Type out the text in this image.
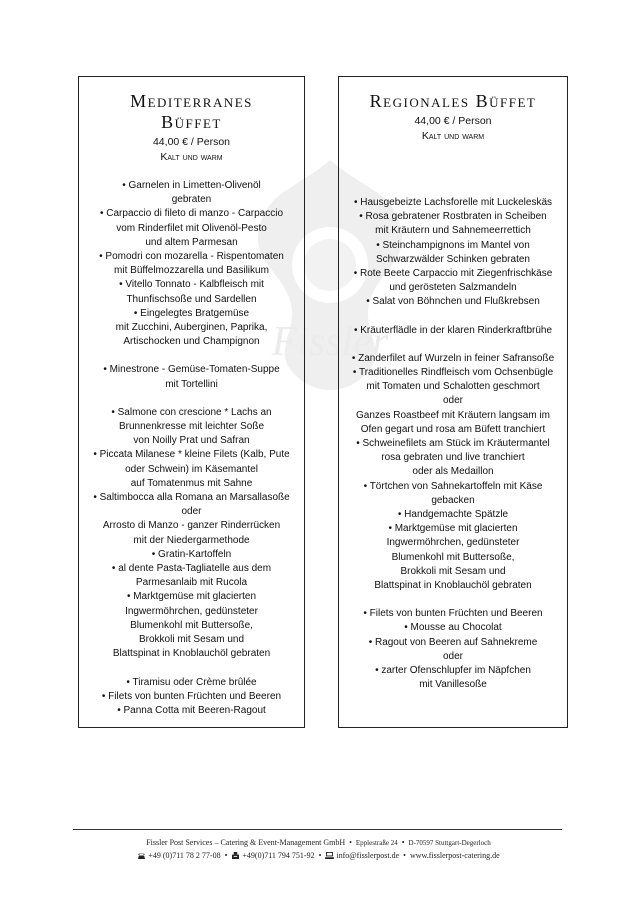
Fissler
Mediterranes
Büffet

44,00 € / Person

Kalt und warm

• Garnelen in Limetten-Olivenöl
gebraten
• Carpaccio di fileto di manzo - Carpaccio
vom Rinderfilet mit Olivenöl-Pesto
und altem Parmesan
• Pomodri con mozarella - Rispentomaten
mit Büffelmozzarella und Basilikum
• Vitello Tonnato - Kalbfleisch mit
Thunfischsoße und Sardellen
• Eingelegtes Bratgemüse
mit Zucchini, Auberginen, Paprika,
Artischocken und Champignon
• Minestrone - Gemüse-Tomaten-Suppe
mit Tortellini
• Salmone con crescione * Lachs an
Brunnenkresse mit leichter Soße
von Noilly Prat und Safran
• Piccata Milanese * kleine Filets (Kalb, Pute
oder Schwein) im Käsemantel
auf Tomatenmus mit Sahne
• Saltimbocca alla Romana an Marsallasoße
oder
Arrosto di Manzo - ganzer Rinderrücken
mit der Niedergarmethode
• Gratin-Kartoffeln
• al dente Pasta-Tagliatelle aus dem
Parmesanlaib mit Rucola
• Marktgemüse mit glacierten
Ingwermöhrchen, gedünsteter
Blumenkohl mit Buttersoße,
Brokkoli mit Sesam und
Blattspinat in Knoblauchöl gebraten
• Tiramisu oder Crème brûlée
• Filets von bunten Früchten und Beeren
• Panna Cotta mit Beeren-Ragout
Regionales Büffet

44,00 € / Person

Kalt und warm

• Hausgebeizte Lachsforelle mit Luckeleskäs
• Rosa gebratener Rostbraten in Scheiben
mit Kräutern und Sahnemeerrettich
• Steinchampignons im Mantel von
Schwarzwälder Schinken gebraten
• Rote Beete Carpaccio mit Ziegenfrischkäse
und gerösteten Salzmandeln
• Salat von Böhnchen und Flußkrebsen
• Kräuterflädle in der klaren Rinderkraftbrühe
• Zanderfilet auf Wurzeln in feiner Safransoße
• Traditionelles Rindfleisch vom Ochsenbügle
mit Tomaten und Schalotten geschmort
oder
Ganzes Roastbeef mit Kräutern langsam im
Ofen gegart und rosa am Büfett tranchiert
• Schweinefilets am Stück im Kräutermantel
rosa gebraten und live tranchiert
oder als Medaillon
• Törtchen von Sahnekartoffeln mit Käse
gebacken
• Handgemachte Spätzle
• Marktgemüse mit glacierten
Ingwermöhrchen, gedünsteter
Blumenkohl mit Buttersoße,
Brokkoli mit Sesam und
Blattspinat in Knoblauchöl gebraten
• Filets von bunten Früchten und Beeren
• Mousse au Chocolat
• Ragout von Beeren auf Sahnekreme
oder
• zarter Ofenschlupfer im Näpfchen
mit Vanillesoße
Fissler Post Services – Catering & Event-Management GmbH • Epplestraße 24 • D-70597 Stuttgart-Degerloch
+49 (0)711 78 2 77-08 • +49(0)711 794 751-92 • info@fisslerpost.de • www.fisslerpost-catering.de
